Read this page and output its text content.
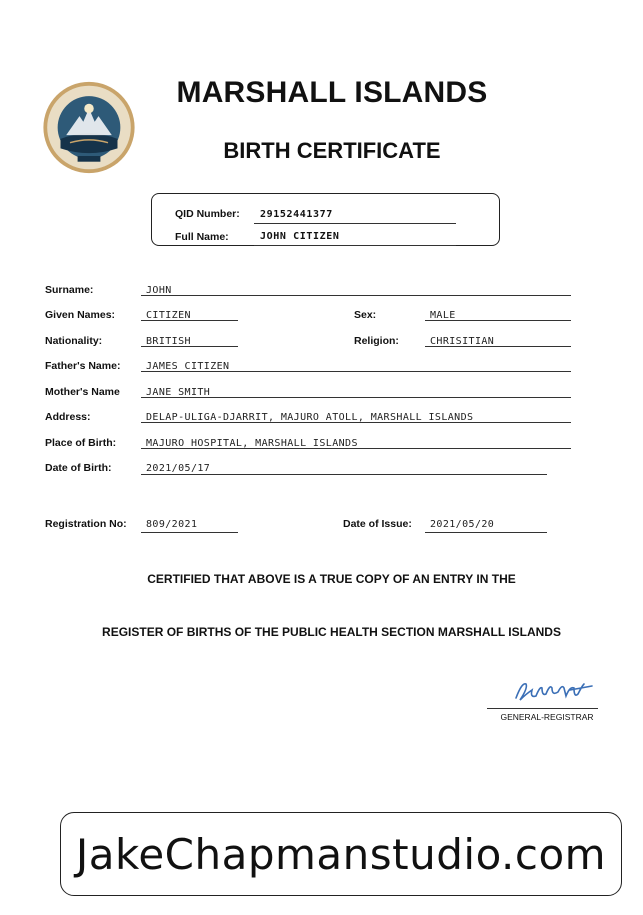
MARSHALL ISLANDS
BIRTH CERTIFICATE
QID Number: 29152441377
Full Name:	JOHN CITIZEN
Surname:	JOHN
Given Names:	CITIZEN	Sex:	MALE
Nationality:	BRITISH	Religion:	CHRISITIAN
Father's Name:	JAMES CITIZEN
Mother's Name	JANE SMITH
Address:	DELAP-ULIGA-DJARRIT, MAJURO ATOLL, MARSHALL ISLANDS
Place of Birth:	MAJURO HOSPITAL, MARSHALL ISLANDS
Date of Birth:	2021/05/17
Registration No: 809/2021	Date of Issue: 2021/05/20
CERTIFIED THAT ABOVE IS A TRUE COPY OF AN ENTRY IN THE
REGISTER OF BIRTHS OF THE PUBLIC HEALTH SECTION MARSHALL ISLANDS
GENERAL-REGISTRAR
JakeChapmanstudio.com
